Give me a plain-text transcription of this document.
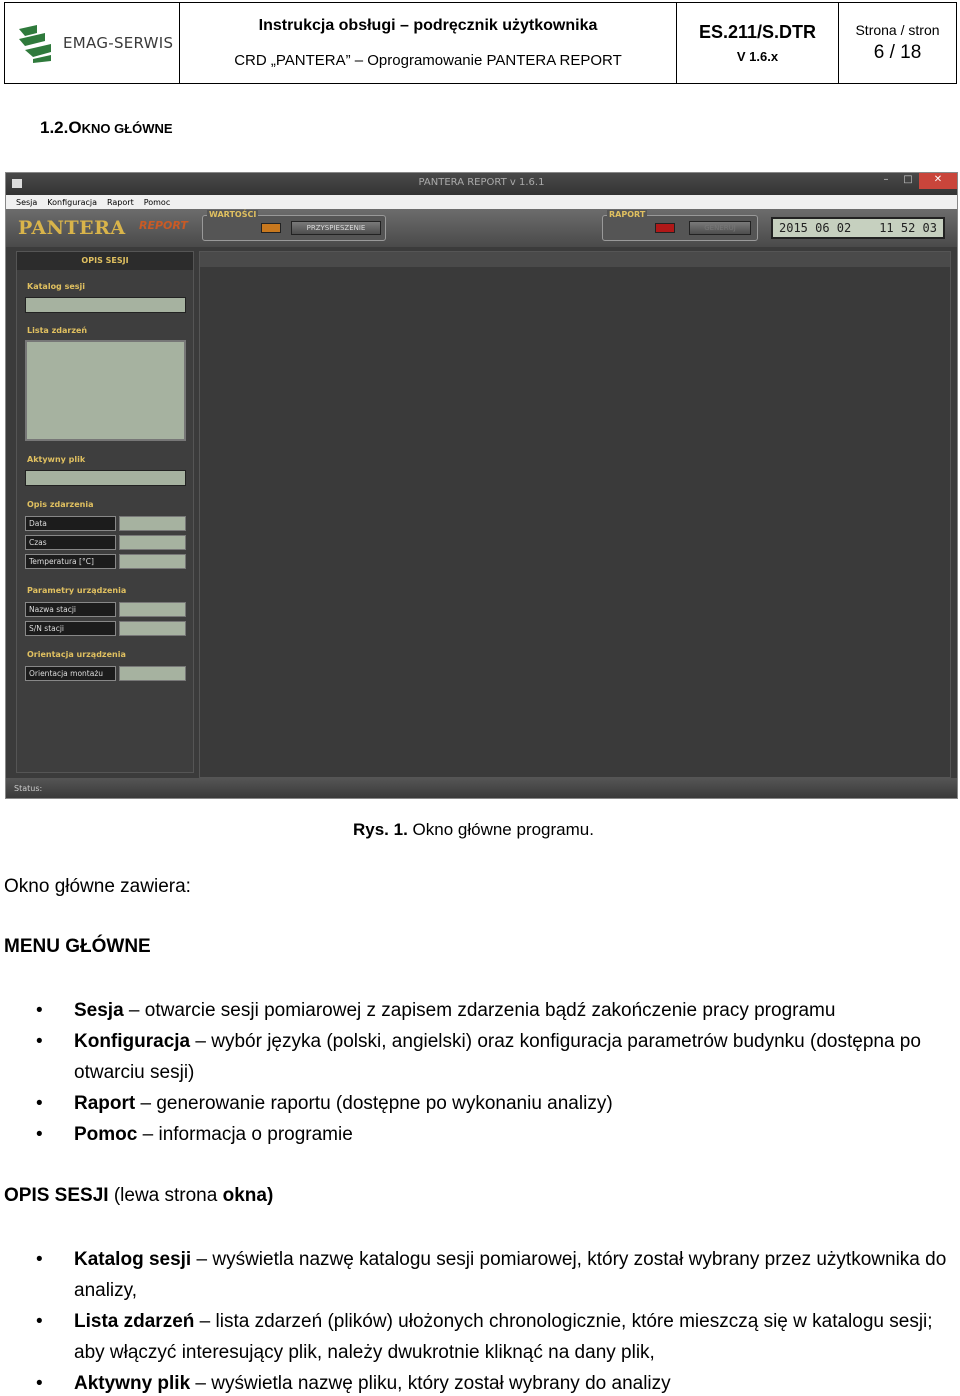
EMAG-SERWIS
Instrukcja obsługi – podręcznik użytkownika
CRD „PANTERA” – Oprogramowanie PANTERA REPORT
ES.211/S.DTR
V 1.6.x
Strona / stron
6 / 18
1.2.OKNO GŁÓWNE
PANTERA REPORT v 1.6.1	–	□	✕
Sesja Konfiguracja Raport Pomoc
PANTERA REPORT
WARTOŚCI
PRZYSPIESZENIE
RAPORT
GENERUJ	2015 06 02 11 52 03
OPIS SESJI
Katalog sesji
Lista zdarzeń
Aktywny plik
Opis zdarzenia
Data
Czas
Temperatura [°C]
Parametry urządzenia
Nazwa stacji
S/N stacji
Orientacja urządzenia
Orientacja montażu
Status:
Rys. 1. Okno główne programu.
Okno główne zawiera:
MENU GŁÓWNE
• Sesja – otwarcie sesji pomiarowej z zapisem zdarzenia bądź zakończenie pracy programu
• Konfiguracja – wybór języka (polski, angielski) oraz konfiguracja parametrów budynku (dostępna po otwarciu sesji)
• Raport – generowanie raportu (dostępne po wykonaniu analizy)
• Pomoc – informacja o programie
OPIS SESJI (lewa strona okna)
• Katalog sesji – wyświetla nazwę katalogu sesji pomiarowej, który został wybrany przez użytkownika do analizy,
• Lista zdarzeń – lista zdarzeń (plików) ułożonych chronologicznie, które mieszczą się w katalogu sesji; aby włączyć interesujący plik, należy dwukrotnie kliknąć na dany plik,
• Aktywny plik – wyświetla nazwę pliku, który został wybrany do analizy
